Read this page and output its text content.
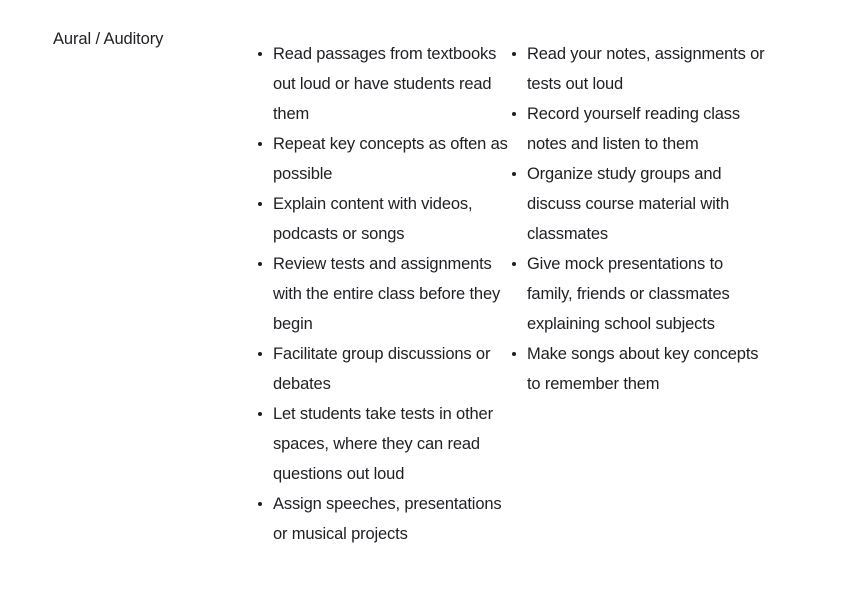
Aural / Auditory
Read passages from textbooks out loud or have students read them
Repeat key concepts as often as possible
Explain content with videos, podcasts or songs
Review tests and assignments with the entire class before they begin
Facilitate group discussions or debates
Let students take tests in other spaces, where they can read questions out loud
Assign speeches, presentations or musical projects
Read your notes, assignments or tests out loud
Record yourself reading class notes and listen to them
Organize study groups and discuss course material with classmates
Give mock presentations to family, friends or classmates explaining school subjects
Make songs about key concepts to remember them
